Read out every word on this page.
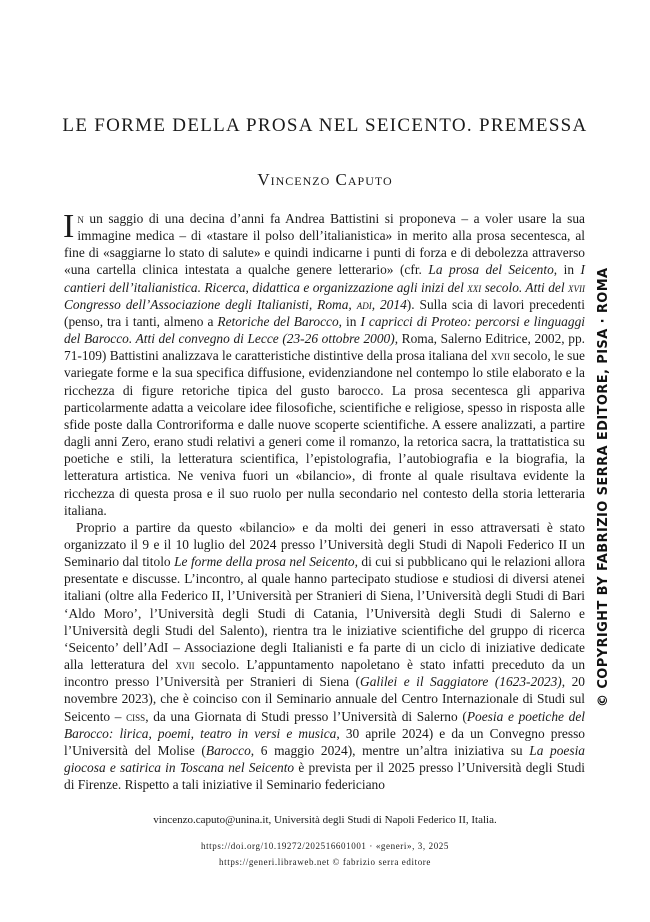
LE FORME DELLA PROSA NEL SEICENTO. PREMESSA
Vincenzo Caputo

In un saggio di una decina d’anni fa Andrea Battistini si proponeva – a voler usare la sua immagine medica – di «tastare il polso dell’italianistica» in merito alla prosa secentesca, al fine di «saggiarne lo stato di salute» e quindi indicarne i punti di forza e di debolezza attraverso «una cartella clinica intestata a qualche genere letterario» (cfr. La prosa del Seicento, in I cantieri dell’italianistica. Ricerca, didattica e organizzazione agli inizi del xxi secolo. Atti del xvii Congresso dell’Associazione degli Italianisti, Roma, adi, 2014). Sulla scia di lavori precedenti (penso, tra i tanti, almeno a Retoriche del Barocco, in I capricci di Proteo: percorsi e linguaggi del Barocco. Atti del convegno di Lecce (23-26 ottobre 2000), Roma, Salerno Editrice, 2002, pp. 71-109) Battistini analizzava le caratteristiche distintive della prosa italiana del xvii secolo, le sue variegate forme e la sua specifica diffusione, evidenziandone nel contempo lo stile elaborato e la ricchezza di figure retoriche tipica del gusto barocco. La prosa secentesca gli appariva particolarmente adatta a veicolare idee filosofiche, scientifiche e religiose, spesso in risposta alle sfide poste dalla Controriforma e dalle nuove scoperte scientifiche. A essere analizzati, a partire dagli anni Zero, erano studi relativi a generi come il romanzo, la retorica sacra, la trattatistica su poetiche e stili, la letteratura scientifica, l’epistolografia, l’autobiografia e la biografia, la letteratura artistica. Ne veniva fuori un «bilancio», di fronte al quale risultava evidente la ricchezza di questa prosa e il suo ruolo per nulla secondario nel contesto della storia letteraria italiana.

Proprio a partire da questo «bilancio» e da molti dei generi in esso attraversati è stato organizzato il 9 e il 10 luglio del 2024 presso l’Università degli Studi di Napoli Federico II un Seminario dal titolo Le forme della prosa nel Seicento, di cui si pubblicano qui le relazioni allora presentate e discusse. L’incontro, al quale hanno partecipato studiose e studiosi di diversi atenei italiani (oltre alla Federico II, l’Università per Stranieri di Siena, l’Università degli Studi di Bari ‘Aldo Moro’, l’Università degli Studi di Catania, l’Università degli Studi di Salerno e l’Università degli Studi del Salento), rientra tra le iniziative scientifiche del gruppo di ricerca ‘Seicento’ dell’AdI – Associazione degli Italianisti e fa parte di un ciclo di iniziative dedicate alla letteratura del xvii secolo. L’appuntamento napoletano è stato infatti preceduto da un incontro presso l’Università per Stranieri di Siena (Galilei e il Saggiatore (1623-2023), 20 novembre 2023), che è coinciso con il Seminario annuale del Centro Internazionale di Studi sul Seicento – ciss, da una Giornata di Studi presso l’Università di Salerno (Poesia e poetiche del Barocco: lirica, poemi, teatro in versi e musica, 30 aprile 2024) e da un Convegno presso l’Università del Molise (Barocco, 6 maggio 2024), mentre un’altra iniziativa su La poesia giocosa e satirica in Toscana nel Seicento è prevista per il 2025 presso l’Università degli Studi di Firenze. Rispetto a tali iniziative il Seminario federiciano

vincenzo.caputo@unina.it, Università degli Studi di Napoli Federico II, Italia.
https://doi.org/10.19272/202516601001 · «generi», 3, 2025
https://generi.libraweb.net © fabrizio serra editore
© COPYRIGHT BY FABRIZIO SERRA EDITORE, PISA · ROMA
